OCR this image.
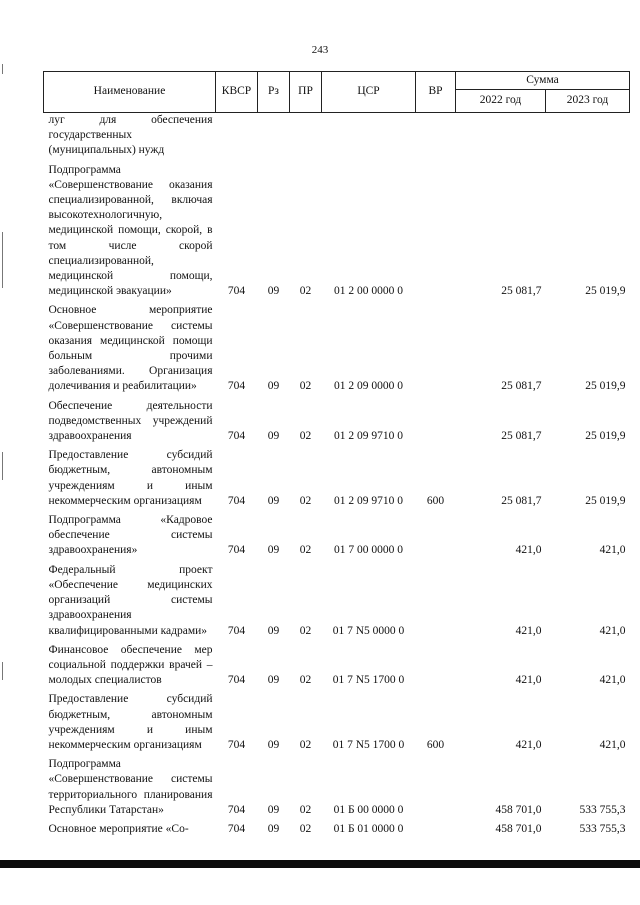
243
Наименование	КВСР	Рз	ПР	ЦСР	ВР	Сумма	
						2022 год	2023 год
луг для обеспечения государственных (муниципальных) нужд							

Подпрограмма «Совершенствование оказания специализированной, включая высокотехнологичную, медицинской помощи, скорой, в том числе скорой специализированной, медицинской помощи, медицинской эвакуации»	704	09	02	01 2 00 0000 0		25 081,7	25 019,9

Основное мероприятие «Совершенствование системы оказания медицинской помощи больным прочими заболеваниями. Организация долечивания и реабилитации»	704	09	02	01 2 09 0000 0		25 081,7	25 019,9

Обеспечение деятельности подведомственных учреждений здравоохранения	704	09	02	01 2 09 9710 0		25 081,7	25 019,9

Предоставление субсидий бюджетным, автономным учреждениям и иным некоммерческим организациям	704	09	02	01 2 09 9710 0	600	25 081,7	25 019,9

Подпрограмма «Кадровое обеспечение системы здравоохранения»	704	09	02	01 7 00 0000 0		421,0	421,0

Федеральный проект «Обеспечение медицинских организаций системы здравоохранения квалифицированными кадрами»	704	09	02	01 7 N5 0000 0		421,0	421,0

Финансовое обеспечение мер социальной поддержки врачей – молодых специалистов	704	09	02	01 7 N5 1700 0		421,0	421,0

Предоставление субсидий бюджетным, автономным учреждениям и иным некоммерческим организациям	704	09	02	01 7 N5 1700 0	600	421,0	421,0

Подпрограмма «Совершенствование системы территориального планирования Республики Татарстан»	704	09	02	01 Б 00 0000 0		458 701,0	533 755,3

Основное мероприятие «Со-	704	09	02	01 Б 01 0000 0		458 701,0	533 755,3
